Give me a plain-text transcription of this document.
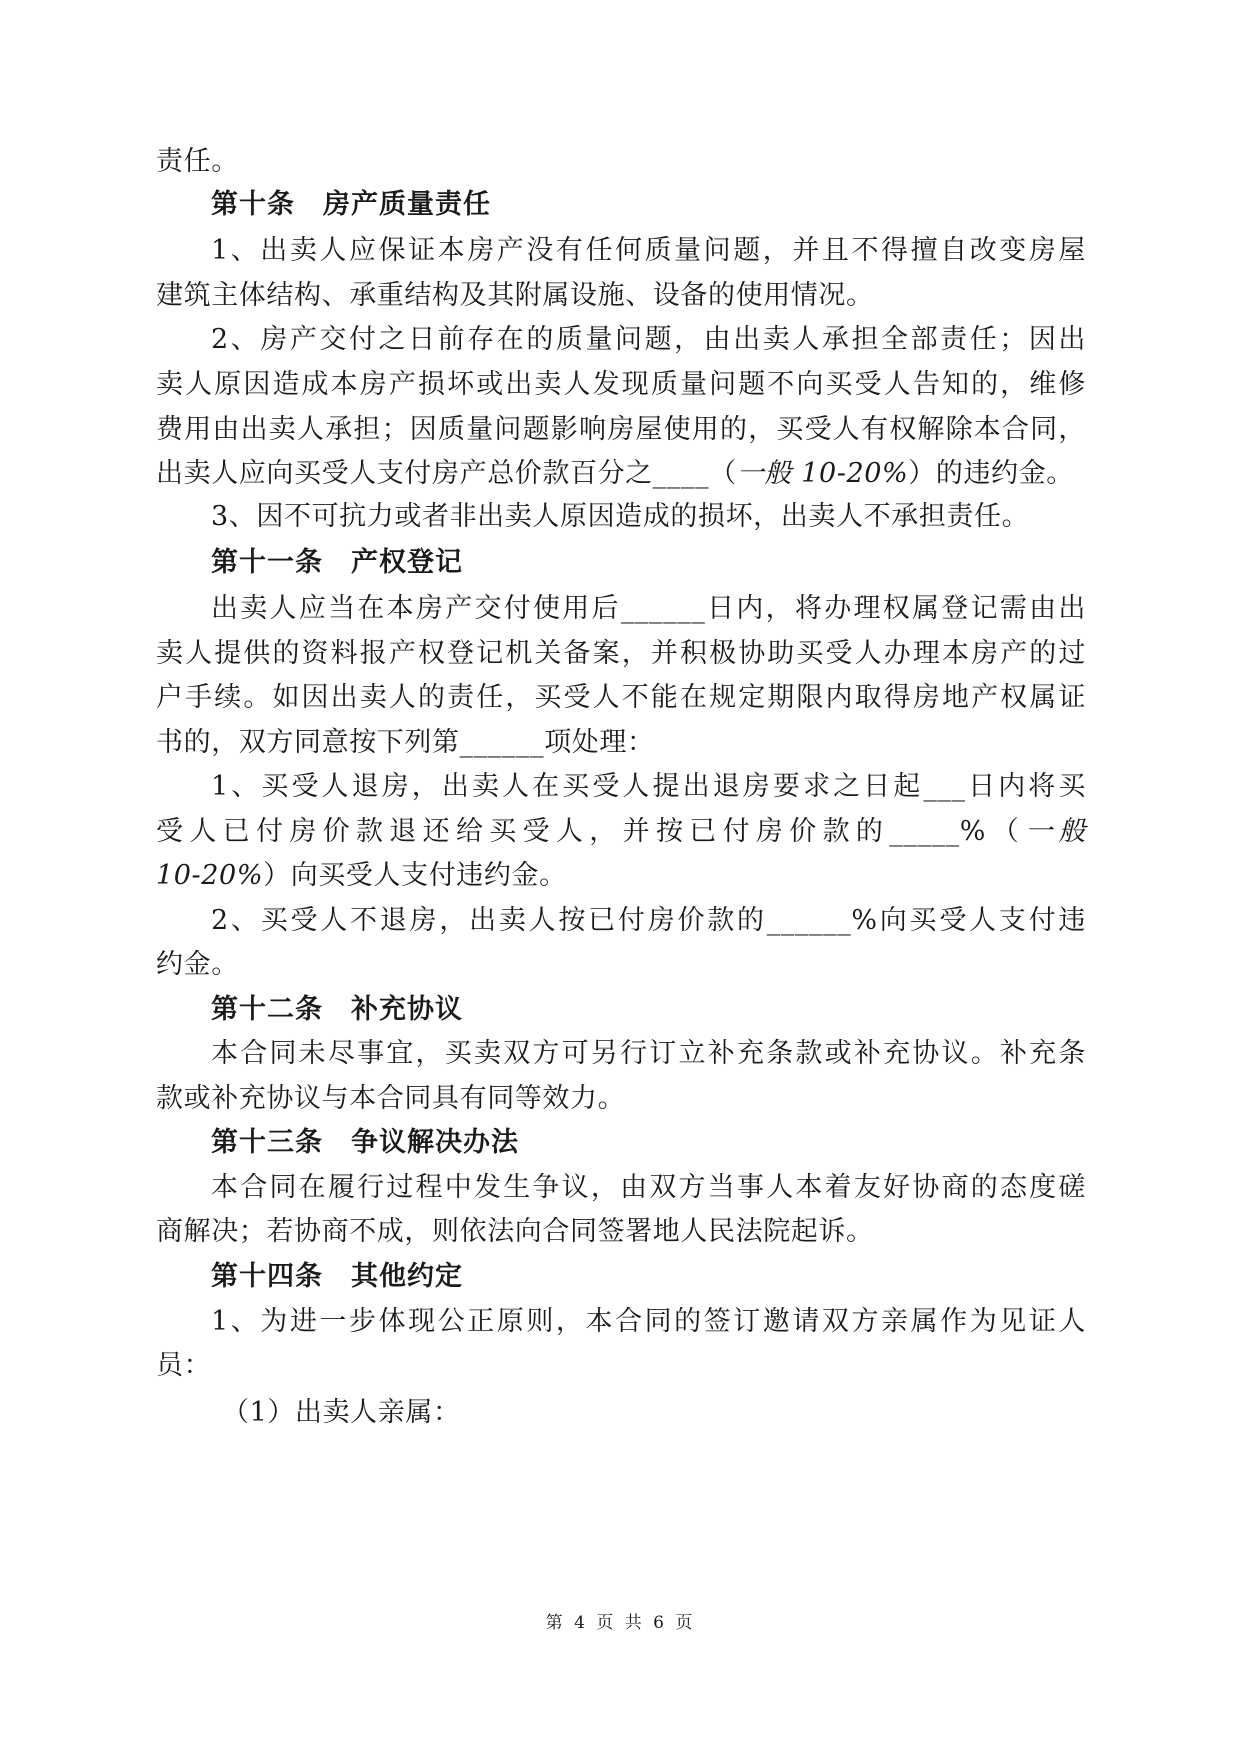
责任。
第十条 房产质量责任
1、出卖人应保证本房产没有任何质量问题，并且不得擅自改变房屋
建筑主体结构、承重结构及其附属设施、设备的使用情况。
2、房产交付之日前存在的质量问题，由出卖人承担全部责任；因出
卖人原因造成本房产损坏或出卖人发现质量问题不向买受人告知的，维修
费用由出卖人承担；因质量问题影响房屋使用的，买受人有权解除本合同，
出卖人应向买受人支付房产总价款百分之____（一般 10-20%）的违约金。
3、因不可抗力或者非出卖人原因造成的损坏，出卖人不承担责任。
第十一条 产权登记
出卖人应当在本房产交付使用后______日内，将办理权属登记需由出
卖人提供的资料报产权登记机关备案，并积极协助买受人办理本房产的过
户手续。如因出卖人的责任，买受人不能在规定期限内取得房地产权属证
书的，双方同意按下列第______项处理：
1、买受人退房，出卖人在买受人提出退房要求之日起___日内将买
受人已付房价款退还给买受人，并按已付房价款的_____%（一般
10-20%）向买受人支付违约金。
2、买受人不退房，出卖人按已付房价款的______%向买受人支付违
约金。
第十二条 补充协议
本合同未尽事宜，买卖双方可另行订立补充条款或补充协议。补充条
款或补充协议与本合同具有同等效力。
第十三条 争议解决办法
本合同在履行过程中发生争议，由双方当事人本着友好协商的态度磋
商解决；若协商不成，则依法向合同签署地人民法院起诉。
第十四条 其他约定
1、为进一步体现公正原则，本合同的签订邀请双方亲属作为见证人
员：
（1）出卖人亲属：
第 4 页 共 6 页
